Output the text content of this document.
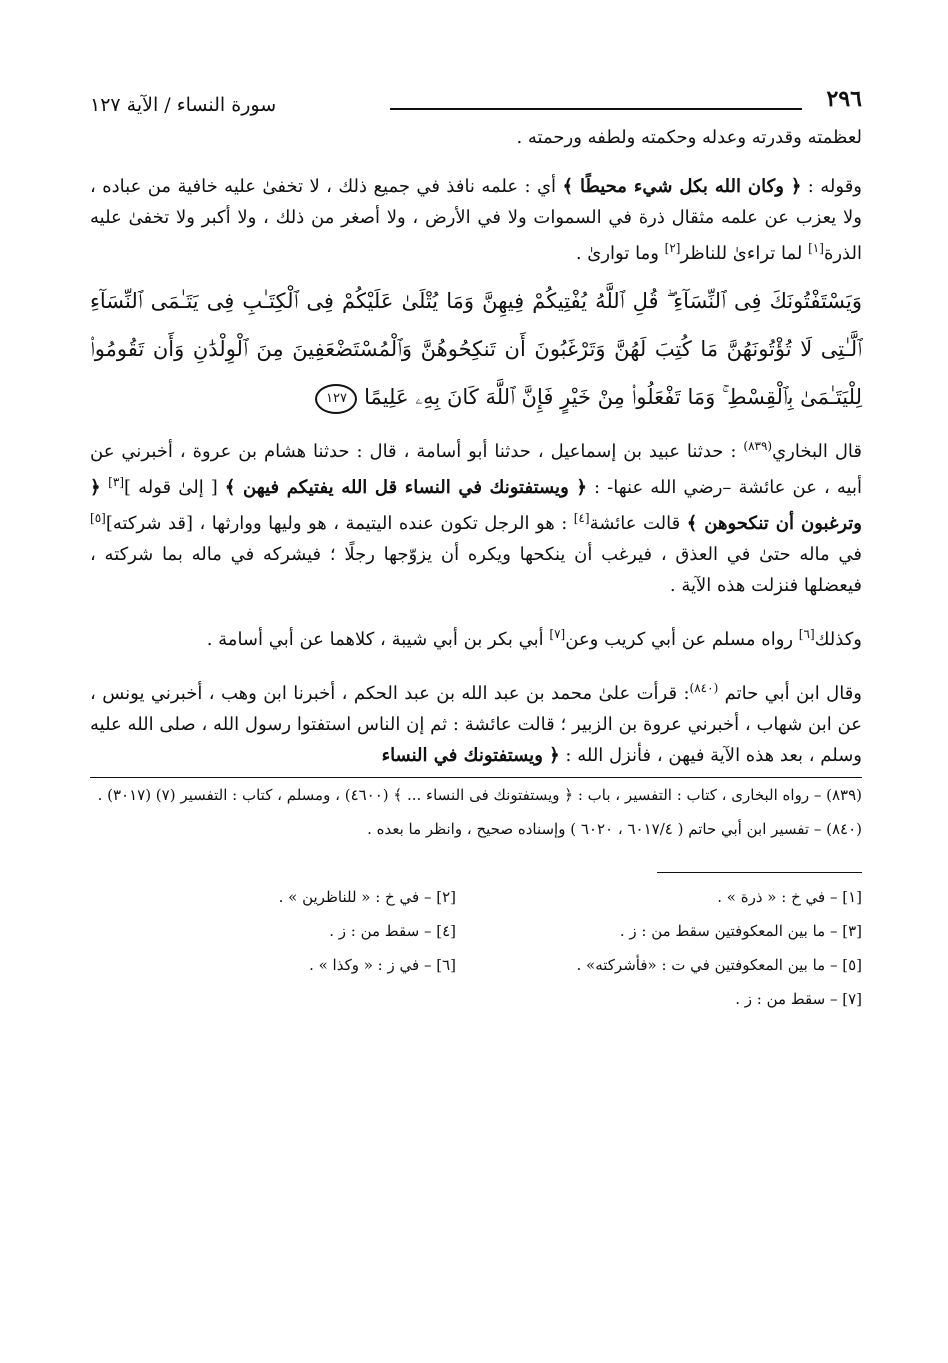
٢٩٦
سورة النساء / الآية ١٢٧

لعظمته وقدرته وعدله وحكمته ولطفه ورحمته .

وقوله : ﴿ وكان الله بكل شيء محيطًا ﴾ أي : علمه نافذ في جميع ذلك ، لا تخفىٰ عليه خافية من عباده ، ولا يعزب عن علمه مثقال ذرة في السموات ولا في الأرض ، ولا أصغر من ذلك ، ولا أكبر ولا تخفىٰ عليه الذرة[١] لما تراءىٰ للناظر[٢] وما توارىٰ .

وَيَسْتَفْتُونَكَ فِى ٱلنِّسَآءِ ۖ قُلِ ٱللَّهُ يُفْتِيكُمْ فِيهِنَّ وَمَا يُتْلَىٰ عَلَيْكُمْ فِى ٱلْكِتَـٰبِ فِى يَتَـٰمَى ٱلنِّسَآءِ ٱلَّـٰتِى لَا تُؤْتُونَهُنَّ مَا كُتِبَ لَهُنَّ وَتَرْغَبُونَ أَن تَنكِحُوهُنَّ وَٱلْمُسْتَضْعَفِينَ مِنَ ٱلْوِلْدَٰنِ وَأَن تَقُومُوا۟ لِلْيَتَـٰمَىٰ بِٱلْقِسْطِ ۚ وَمَا تَفْعَلُوا۟ مِنْ خَيْرٍ فَإِنَّ ٱللَّهَ كَانَ بِهِۦ عَلِيمًا ١٢٧

قال البخاري$^{(٨٣٩)}$ : حدثنا عبيد بن إسماعيل ، حدثنا أبو أسامة ، قال : حدثنا هشام بن عروة ، أخبرني عن أبيه ، عن عائشة –رضي الله عنها- : ﴿ ويستفتونك في النساء قل الله يفتيكم فيهن ﴾ [ إلىٰ قوله ][٣] ﴿ وترغبون أن تنكحوهن ﴾ قالت عائشة[٤] : هو الرجل تكون عنده اليتيمة ، هو وليها ووارثها ، [قد شركته][٥] في ماله حتىٰ في العذق ، فيرغب أن ينكحها ويكره أن يزوّجها رجلًا ؛ فيشركه في ماله بما شركته ، فيعضلها فنزلت هذه الآية .

وكذلك[٦] رواه مسلم عن أبي كريب وعن[٧] أبي بكر بن أبي شيبة ، كلاهما عن أبي أسامة .

وقال ابن أبي حاتم $^{(٨٤٠)}$: قرأت علىٰ محمد بن عبد الله بن عبد الحكم ، أخبرنا ابن وهب ، أخبرني يونس ، عن ابن شهاب ، أخبرني عروة بن الزبير ؛ قالت عائشة : ثم إن الناس استفتوا رسول الله ، صلى الله عليه وسلم ، بعد هذه الآية فيهن ، فأنزل الله : ﴿ ويستفتونك في النساء

(٨٣٩) – رواه البخارى ، كتاب : التفسير ، باب : ﴿ ويستفتونك فى النساء ... ﴾ (٤٦٠٠) ، ومسلم ، كتاب : التفسير (٧) (٣٠١٧) .

(٨٤٠) – تفسير ابن أبي حاتم ( ٦٠١٧/٤ ، ٦٠٢٠ ) وإسناده صحيح ، وانظر ما بعده .

[١] – في خ : « ذرة » .
[٢] – في خ : « للناظرين » .
[٣] – ما بين المعكوفتين سقط من : ز .
[٤] – سقط من : ز .
[٥] – ما بين المعكوفتين في ت : «فأشركته» .
[٦] – في ز : « وكذا » .
[٧] – سقط من : ز .
